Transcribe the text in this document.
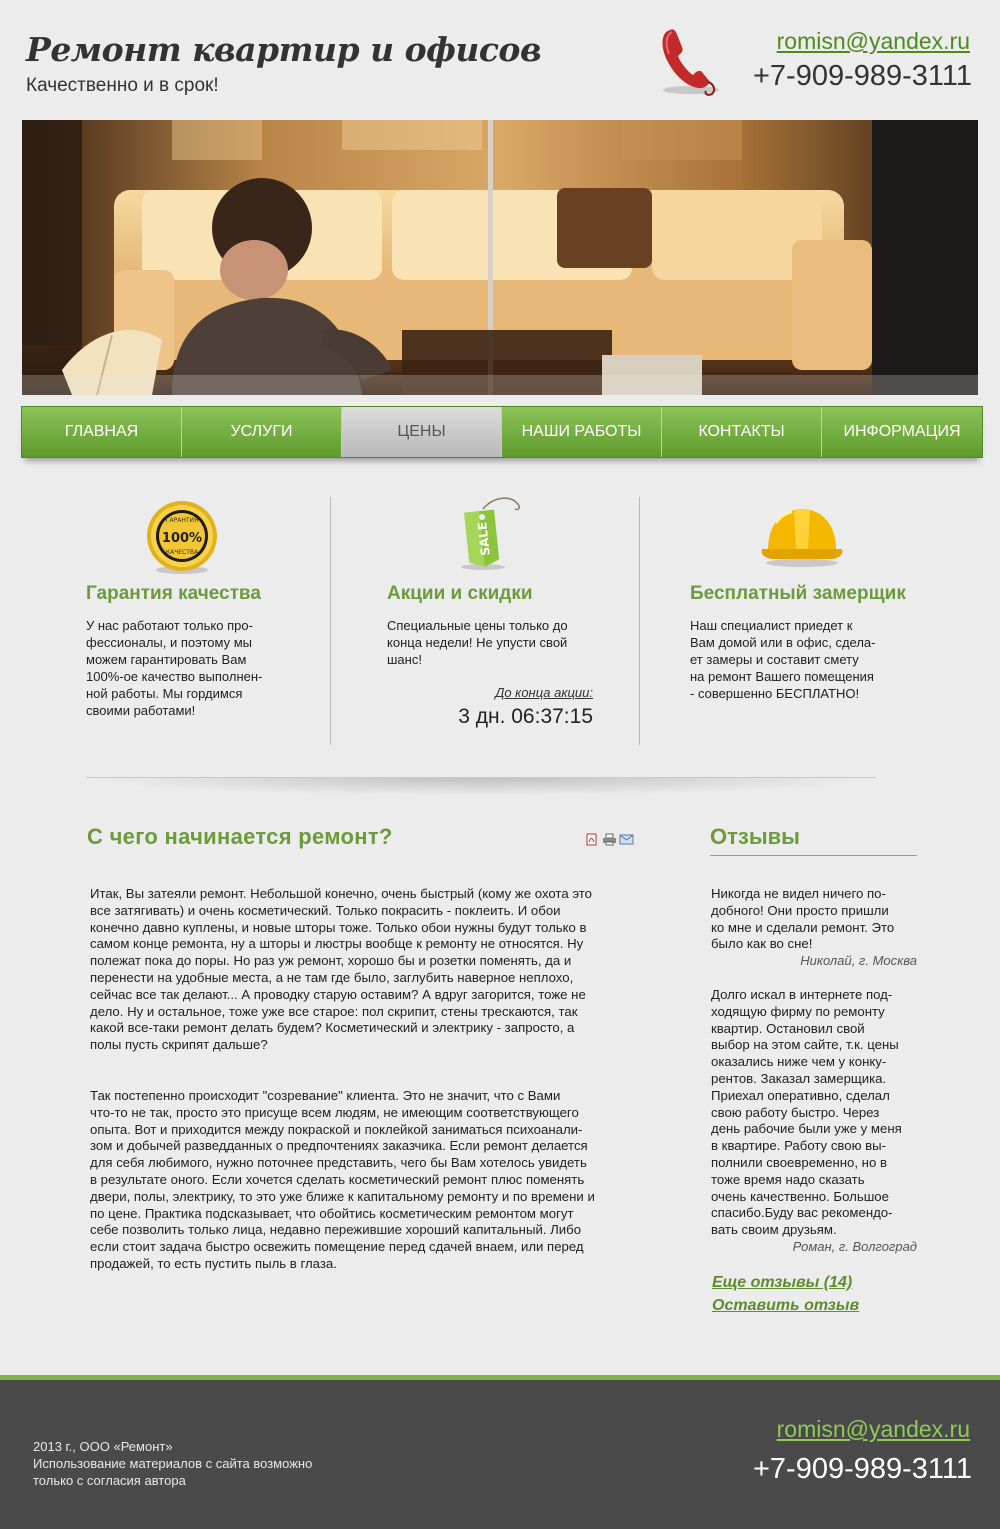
Ремонт квартир и офисов
Качественно и в срок!
romisn@yandex.ru
+7-909-989-3111
ГЛАВНАЯ	УСЛУГИ	ЦЕНЫ	НАШИ РАБОТЫ	КОНТАКТЫ	ИНФОРМАЦИЯ
ГАРАНТИЯ
100%
КАЧЕСТВА
Гарантия качества
У нас работают только про-
фессионалы, и поэтому мы
можем гарантировать Вам
100%-ое качество выполнен-
ной работы. Мы гордимся
своими работами!
SALE
Акции и скидки
Специальные цены только до
конца недели! Не упусти свой
шанс!
До конца акции:
3 дн. 06:37:15
Бесплатный замерщик
Наш специалист приедет к
Вам домой или в офис, сдела-
ет замеры и составит смету
на ремонт Вашего помещения
- совершенно БЕСПЛАТНО!
С чего начинается ремонт?
Итак, Вы затеяли ремонт. Небольшой конечно, очень быстрый (кому же охота это
все затягивать) и очень косметический. Только покрасить - поклеить. И обои
конечно давно куплены, и новые шторы тоже. Только обои нужны будут только в
самом конце ремонта, ну а шторы и люстры вообще к ремонту не относятся. Ну
полежат пока до поры. Но раз уж ремонт, хорошо бы и розетки поменять, да и
перенести на удобные места, а не там где было, заглубить наверное неплохо,
сейчас все так делают... А проводку старую оставим? А вдруг загорится, тоже не
дело. Ну и остальное, тоже уже все старое: пол скрипит, стены трескаются, так
какой все-таки ремонт делать будем? Косметический и электрику - запросто, а
полы пусть скрипят дальше?
Так постепенно происходит "созревание" клиента. Это не значит, что с Вами
что-то не так, просто это присуще всем людям, не имеющим соответствующего
опыта. Вот и приходится между покраской и поклейкой заниматься психоанали-
зом и добычей разведданных о предпочтениях заказчика. Если ремонт делается
для себя любимого, нужно поточнее представить, чего бы Вам хотелось увидеть
в результате оного. Если хочется сделать косметический ремонт плюс поменять
двери, полы, электрику, то это уже ближе к капитальному ремонту и по времени и
по цене. Практика подсказывает, что обойтись косметическим ремонтом могут
себе позволить только лица, недавно пережившие хороший капитальный. Либо
если стоит задача быстро освежить помещение перед сдачей внаем, или перед
продажей, то есть пустить пыль в глаза.
Отзывы
Никогда не видел ничего по-
добного! Они просто пришли
ко мне и сделали ремонт. Это
было как во сне!
Николай, г. Москва
Долго искал в интернете под-
ходящую фирму по ремонту
квартир. Остановил свой
выбор на этом сайте, т.к. цены
оказались ниже чем у конку-
рентов. Заказал замерщика.
Приехал оперативно, сделал
свою работу быстро. Через
день рабочие были уже у меня
в квартире. Работу свою вы-
полнили своевременно, но в
тоже время надо сказать
очень качественно. Большое
спасибо.Буду вас рекомендо-
вать своим друзьям.
Роман, г. Волгоград
Еще отзывы (14)
Оставить отзыв
2013 г., ООО «Ремонт»
Использование материалов с сайта возможно
только с согласия автора
romisn@yandex.ru
+7-909-989-3111
